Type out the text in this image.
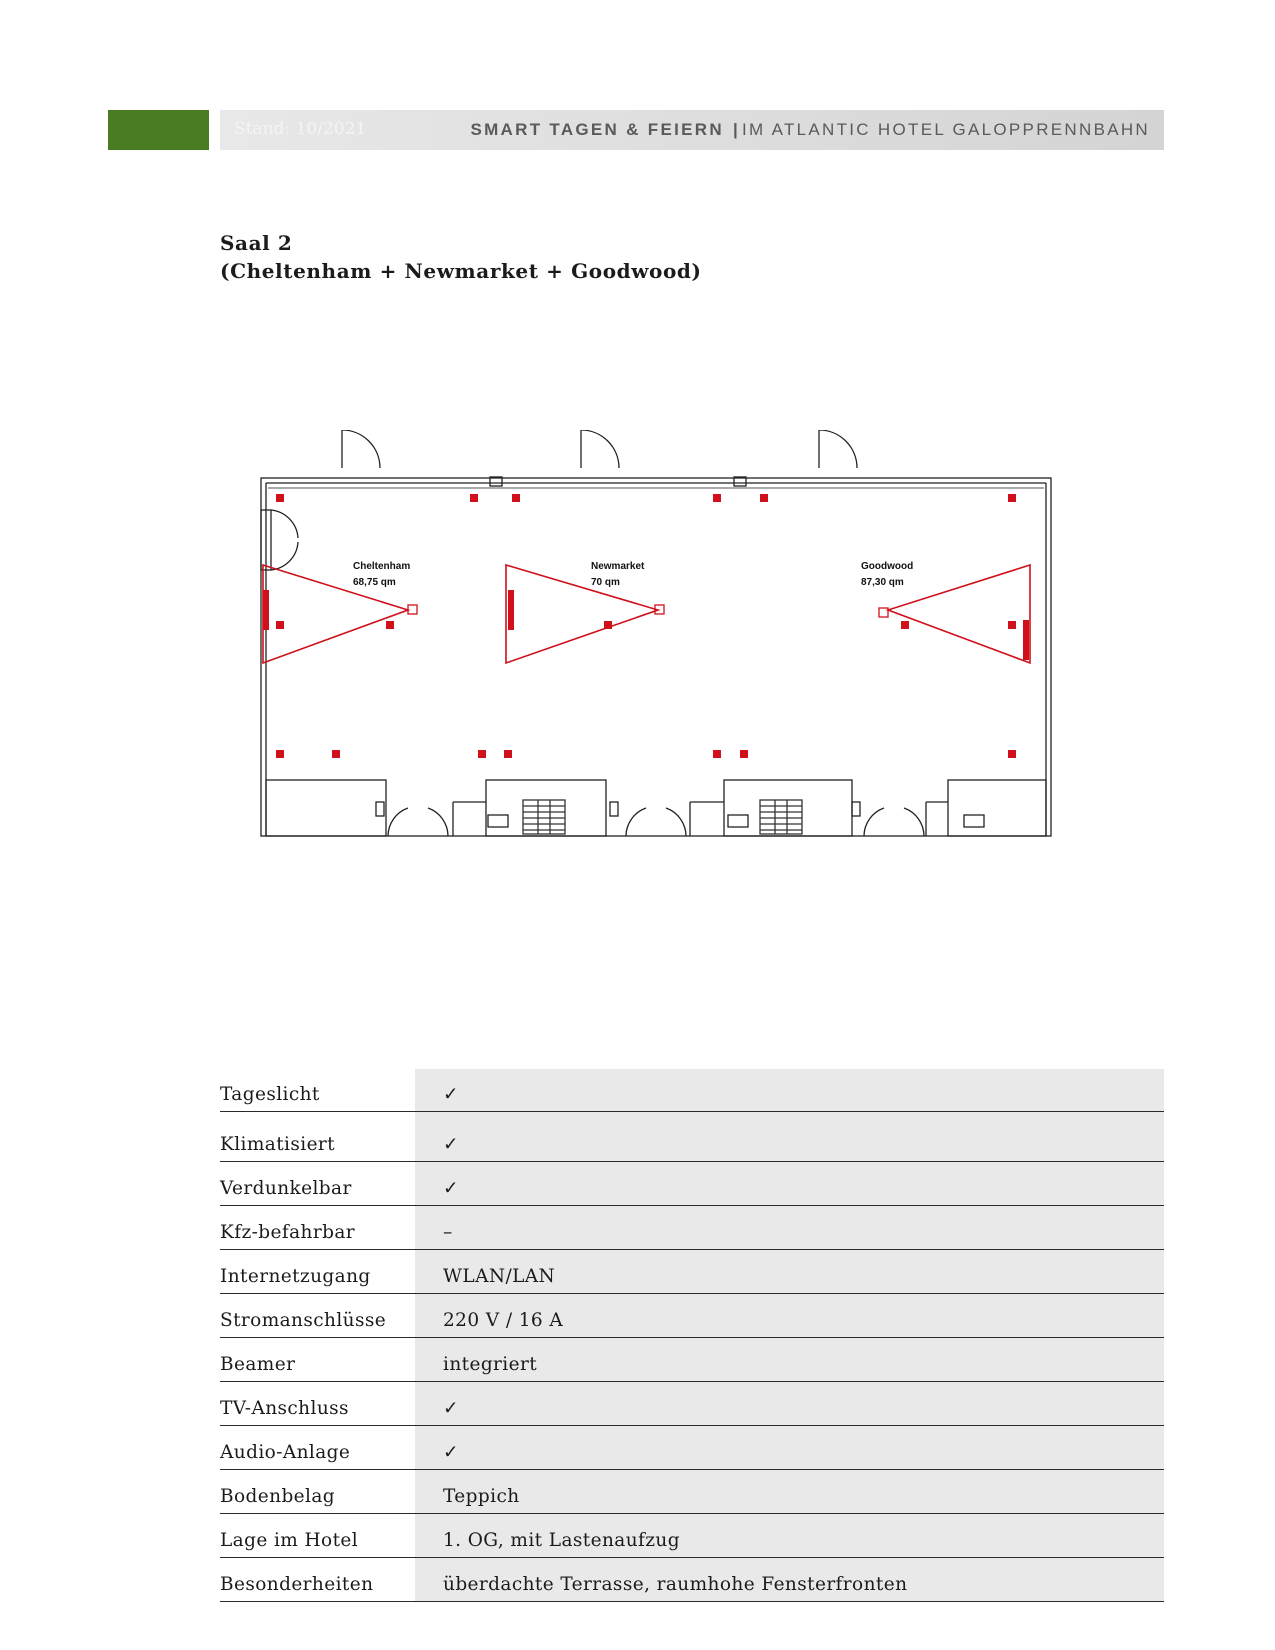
Stand: 10/2021	SMART TAGEN & FEIERN | IM ATLANTIC HOTEL GALOPPRENNBAHN
Saal 2
(Cheltenham + Newmarket + Goodwood)
Cheltenham
68,75 qm
Newmarket
70 qm
Goodwood
87,30 qm
Tageslicht	✓
Klimatisiert	✓
Verdunkelbar	✓
Kfz-befahrbar	–
Internetzugang	WLAN/LAN
Stromanschlüsse	220 V / 16 A
Beamer	integriert
TV-Anschluss	✓
Audio-Anlage	✓
Bodenbelag	Teppich
Lage im Hotel	1. OG, mit Lastenaufzug
Besonderheiten	überdachte Terrasse, raumhohe Fensterfronten
